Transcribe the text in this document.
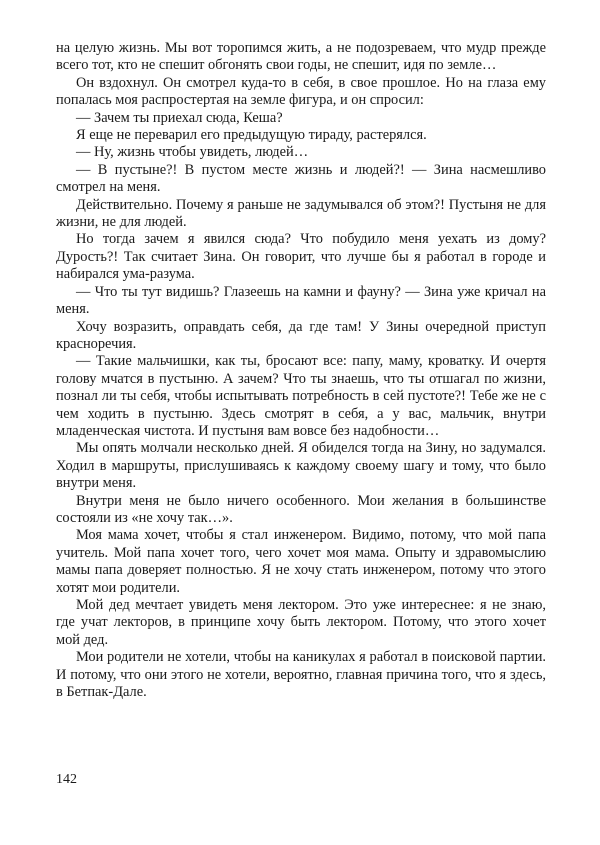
на целую жизнь. Мы вот торопимся жить, а не подозреваем, что мудр прежде всего тот, кто не спешит обгонять свои годы, не спешит, идя по земле…

Он вздохнул. Он смотрел куда-то в себя, в свое прошлое. Но на глаза ему попалась моя распростертая на земле фигура, и он спросил:

— Зачем ты приехал сюда, Кеша?

Я еще не переварил его предыдущую тираду, растерялся.

— Ну, жизнь чтобы увидеть, людей…

— В пустыне?! В пустом месте жизнь и людей?! — Зина насмешливо смотрел на меня.

Действительно. Почему я раньше не задумывался об этом?! Пустыня не для жизни, не для людей.

Но тогда зачем я явился сюда? Что побудило меня уехать из дому? Дурость?! Так считает Зина. Он говорит, что лучше бы я работал в городе и набирался ума-разума.

— Что ты тут видишь? Глазеешь на камни и фауну? — Зина уже кричал на меня.

Хочу возразить, оправдать себя, да где там! У Зины очередной приступ красноречия.

— Такие мальчишки, как ты, бросают все: папу, маму, кроватку. И очертя голову мчатся в пустыню. А зачем? Что ты знаешь, что ты отшагал по жизни, познал ли ты себя, чтобы испытывать потребность в сей пустоте?! Тебе же не с чем ходить в пустыню. Здесь смотрят в себя, а у вас, мальчик, внутри младенческая чистота. И пустыня вам вовсе без надобности…

Мы опять молчали несколько дней. Я обиделся тогда на Зину, но задумался. Ходил в маршруты, прислушиваясь к каждому своему шагу и тому, что было внутри меня.

Внутри меня не было ничего особенного. Мои желания в большинстве состояли из «не хочу так…».

Моя мама хочет, чтобы я стал инженером. Видимо, потому, что мой папа учитель. Мой папа хочет того, чего хочет моя мама. Опыту и здравомыслию мамы папа доверяет полностью. Я не хочу стать инженером, потому что этого хотят мои родители.

Мой дед мечтает увидеть меня лектором. Это уже интереснее: я не знаю, где учат лекторов, в принципе хочу быть лектором. Потому, что этого хочет мой дед.

Мои родители не хотели, чтобы на каникулах я работал в поисковой партии. И потому, что они этого не хотели, вероятно, главная причина того, что я здесь, в Бетпак-Дале.

142
